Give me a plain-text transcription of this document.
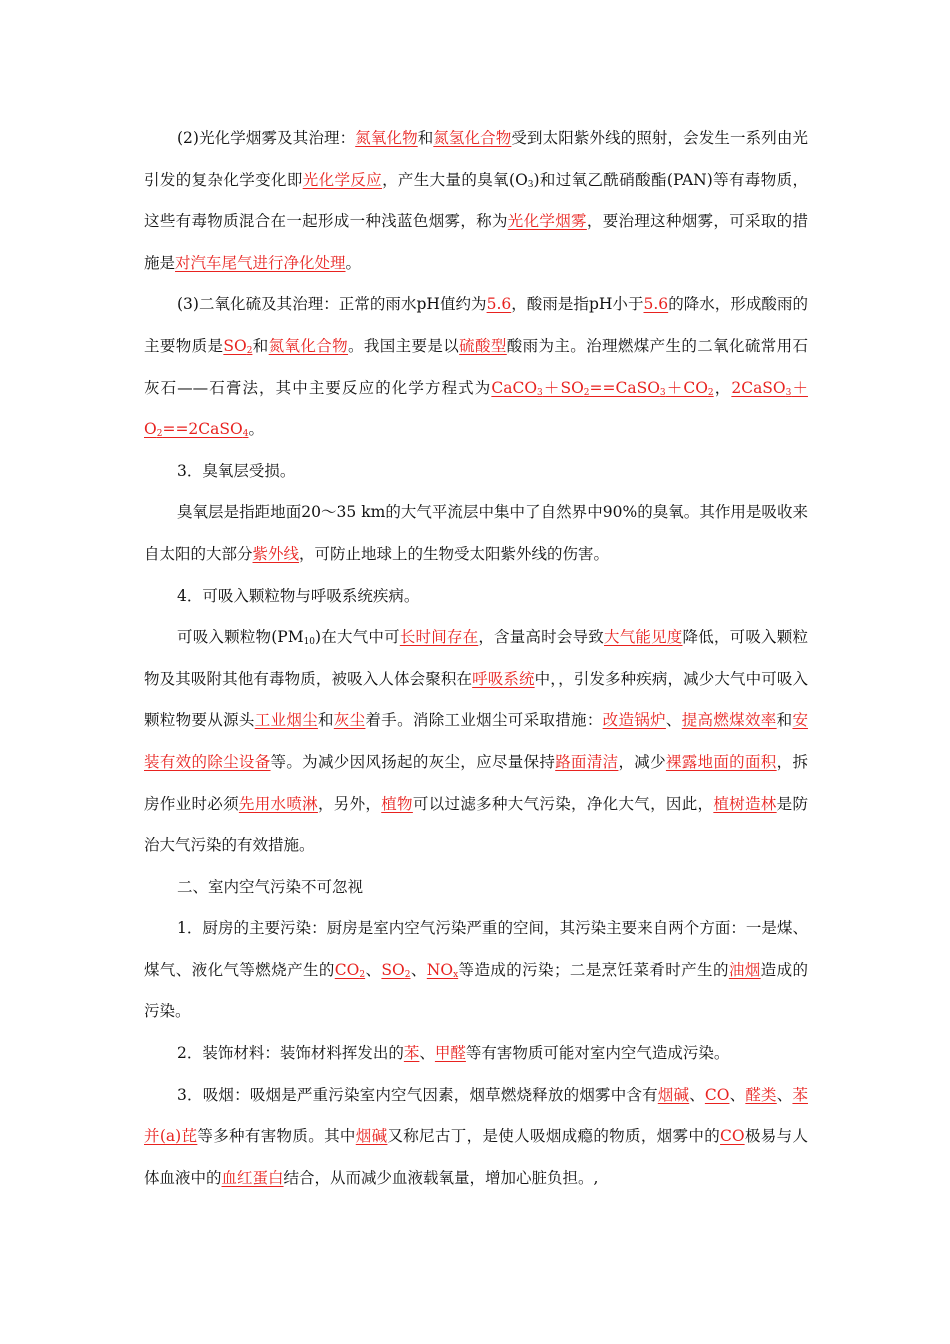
(2)光化学烟雾及其治理：氮氧化物和氮氢化合物受到太阳紫外线的照射，会发生一系列由光引发的复杂化学变化即光化学反应，产生大量的臭氧$(O_3)$和过氧乙酰硝酸酯(PAN)等有毒物质，这些有毒物质混合在一起形成一种浅蓝色烟雾，称为光化学烟雾，要治理这种烟雾，可采取的措施是对汽车尾气进行净化处理。

(3)二氧化硫及其治理：正常的雨水pH值约为5.6，酸雨是指pH小于5.6的降水，形成酸雨的主要物质是$SO_2$和氮氧化合物。我国主要是以硫酸型酸雨为主。治理燃煤产生的二氧化硫常用石灰石——石膏法，其中主要反应的化学方程式为$CaCO_3+SO_2==CaSO_3+CO_2$，$2CaSO_3+O_2==2CaSO_4$。

3．臭氧层受损。

臭氧层是指距地面20～35 km的大气平流层中集中了自然界中90%的臭氧。其作用是吸收来自太阳的大部分紫外线，可防止地球上的生物受太阳紫外线的伤害。

4．可吸入颗粒物与呼吸系统疾病。

可吸入颗粒物$(PM_{10})$在大气中可长时间存在，含量高时会导致大气能见度降低，可吸入颗粒物及其吸附其他有毒物质，被吸入人体会聚积在呼吸系统中，，引发多种疾病，减少大气中可吸入颗粒物要从源头工业烟尘和灰尘着手。消除工业烟尘可采取措施：改造锅炉、提高燃煤效率和安装有效的除尘设备等。为减少因风扬起的灰尘，应尽量保持路面清洁，减少裸露地面的面积，拆房作业时必须先用水喷淋，另外，植物可以过滤多种大气污染，净化大气，因此，植树造林是防治大气污染的有效措施。

二、室内空气污染不可忽视

1．厨房的主要污染：厨房是室内空气污染严重的空间，其污染主要来自两个方面：一是煤、煤气、液化气等燃烧产生的$CO_2$、$SO_2$、$NO_x$等造成的污染；二是烹饪菜肴时产生的油烟造成的污染。

2．装饰材料：装饰材料挥发出的苯、甲醛等有害物质可能对室内空气造成污染。

3．吸烟：吸烟是严重污染室内空气因素，烟草燃烧释放的烟雾中含有烟碱、CO、醛类、苯并(a)芘等多种有害物质。其中烟碱又称尼古丁，是使人吸烟成瘾的物质，烟雾中的CO极易与人体血液中的血红蛋白结合，从而减少血液载氧量，增加心脏负担。,
